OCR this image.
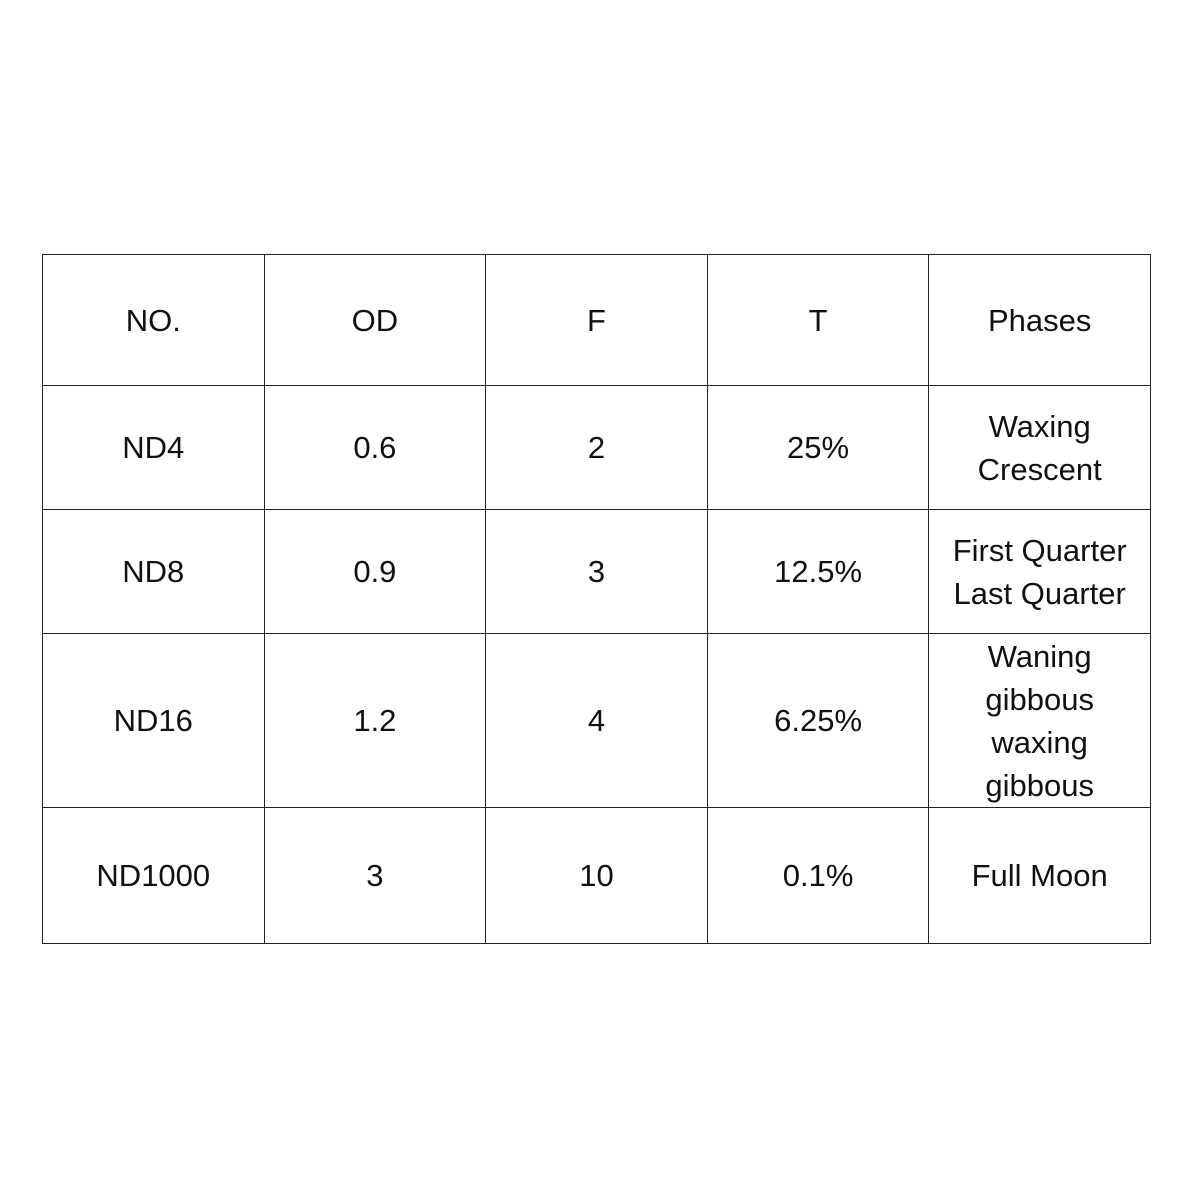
NO.	OD	F	T	Phases
ND4	0.6	2	25%	Waxing
Crescent
ND8	0.9	3	12.5%	First Quarter
Last Quarter
ND16	1.2	4	6.25%	Waning
gibbous
waxing
gibbous
ND1000	3	10	0.1%	Full Moon
